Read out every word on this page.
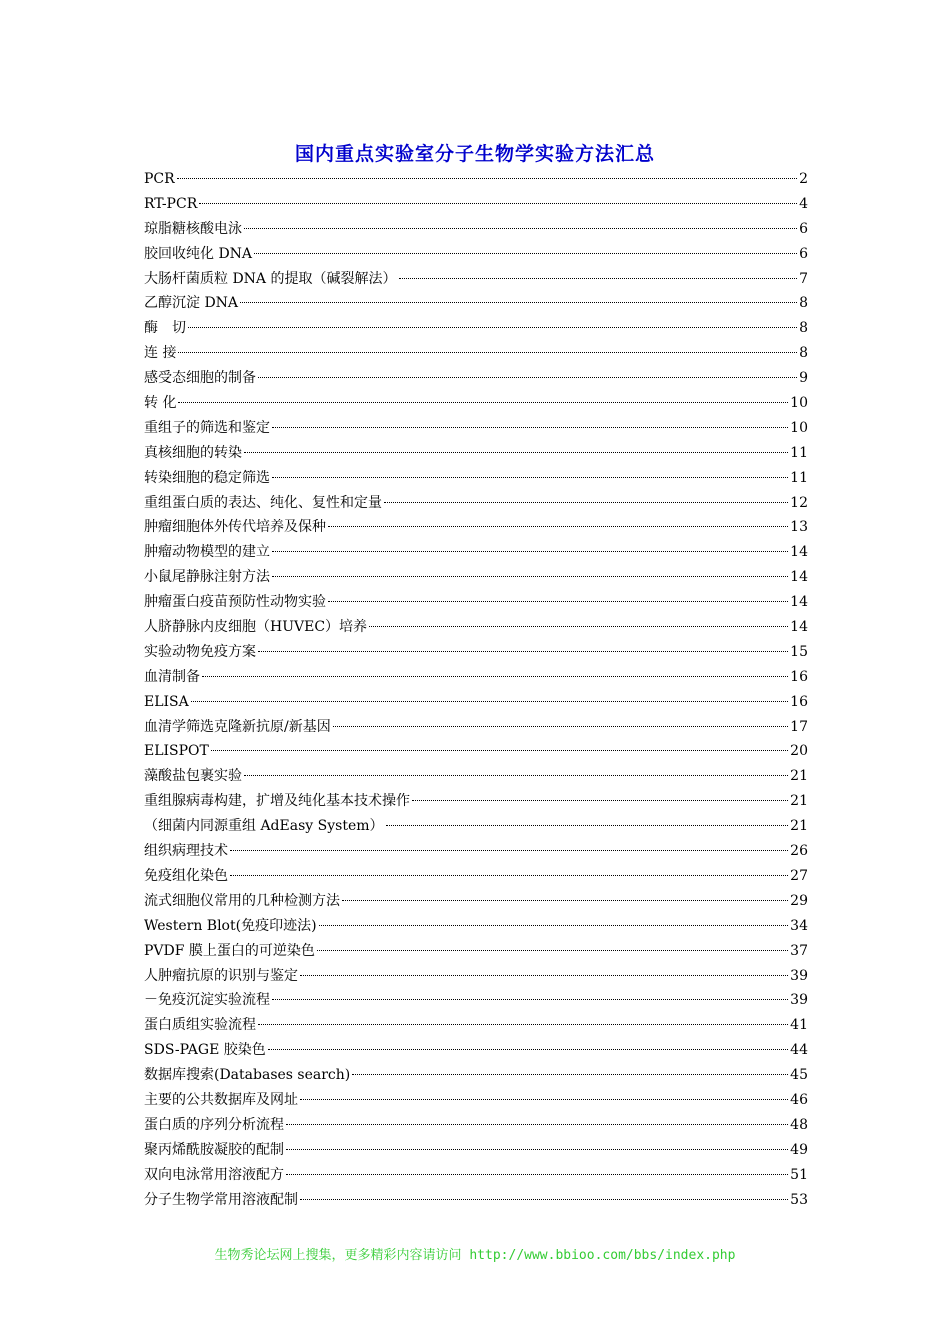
国内重点实验室分子生物学实验方法汇总
PCR	2
RT-PCR	4
琼脂糖核酸电泳	6
胶回收纯化 DNA	6
大肠杆菌质粒 DNA 的提取（碱裂解法）	7
乙醇沉淀 DNA	8
酶　切	8
连 接	8
感受态细胞的制备	9
转 化	10
重组子的筛选和鉴定	10
真核细胞的转染	11
转染细胞的稳定筛选	11
重组蛋白质的表达、纯化、复性和定量	12
肿瘤细胞体外传代培养及保种	13
肿瘤动物模型的建立	14
小鼠尾静脉注射方法	14
肿瘤蛋白疫苗预防性动物实验	14
人脐静脉内皮细胞（HUVEC）培养	14
实验动物免疫方案	15
血清制备	16
ELISA	16
血清学筛选克隆新抗原/新基因	17
ELISPOT	20
藻酸盐包裹实验	21
重组腺病毒构建，扩增及纯化基本技术操作	21
（细菌内同源重组 AdEasy System）	21
组织病理技术	26
免疫组化染色	27
流式细胞仪常用的几种检测方法	29
Western Blot(免疫印迹法)	34
PVDF 膜上蛋白的可逆染色	37
人肿瘤抗原的识别与鉴定	39
－免疫沉淀实验流程	39
蛋白质组实验流程	41
SDS-PAGE 胶染色	44
数据库搜索(Databases search)	45
主要的公共数据库及网址	46
蛋白质的序列分析流程	48
聚丙烯酰胺凝胶的配制	49
双向电泳常用溶液配方	51
分子生物学常用溶液配制	53
生物秀论坛网上搜集，更多精彩内容请访问 http://www.bbioo.com/bbs/index.php
